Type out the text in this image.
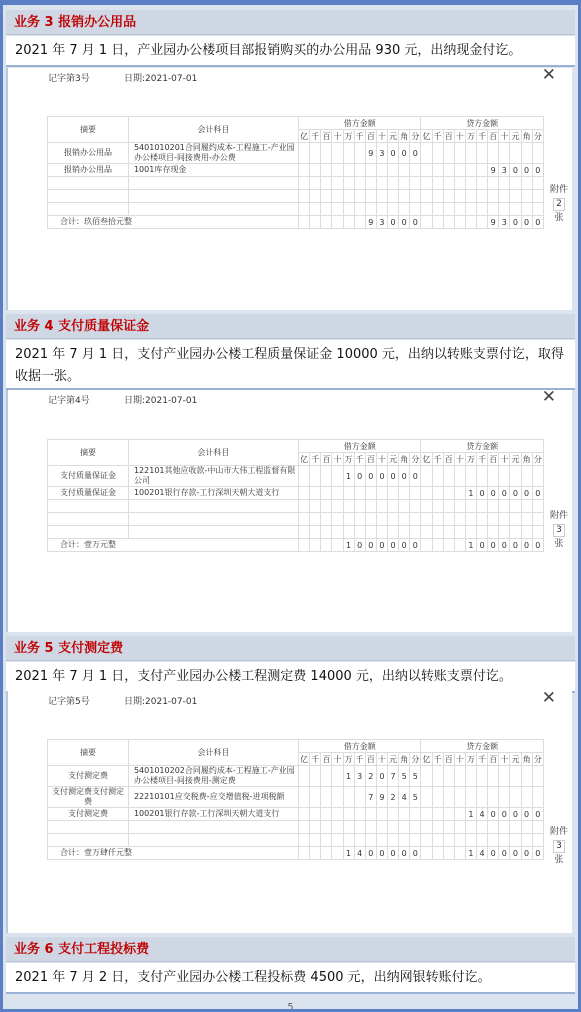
业务 3 报销办公用品
2021 年 7 月 1 日，产业园办公楼项目部报销购买的办公用品 930 元，出纳现金付讫。
记字第3号	日期:2021-07-01	✕
摘要	会计科目	借方金额											贷方金额										
		亿	千	百	十	万	千	百	十	元	角	分	亿	千	百	十	万	千	百	十	元	角	分
报销办公用品	5401010201合同履约成本-工程施工-产业园办公楼项目-间接费用-办公费							9	3	0	0	0											
报销办公用品	1001库存现金																		9	3	0	0	0

合计：玖佰叁拾元整								9	3	0	0	0							9	3	0	0	0
附件
2
张
业务 4 支付质量保证金
2021 年 7 月 1 日，支付产业园办公楼工程质量保证金 10000 元，出纳以转账支票付讫，取得收据一张。
记字第4号	日期:2021-07-01	✕
摘要	会计科目	借方金额											贷方金额										
		亿	千	百	十	万	千	百	十	元	角	分	亿	千	百	十	万	千	百	十	元	角	分
支付质量保证金	122101其他应收款-中山市大伟工程监督有限公司					1	0	0	0	0	0	0											
支付质量保证金	100201银行存款-工行深圳天朝大道支行																1	0	0	0	0	0	0

合计：壹万元整						1	0	0	0	0	0	0					1	0	0	0	0	0	0
附件
3
张
业务 5 支付测定费
2021 年 7 月 1 日，支付产业园办公楼工程测定费 14000 元，出纳以转账支票付讫。
记字第5号	日期:2021-07-01	✕
摘要	会计科目	借方金额											贷方金额										
		亿	千	百	十	万	千	百	十	元	角	分	亿	千	百	十	万	千	百	十	元	角	分
支付测定费	5401010202合同履约成本-工程施工-产业园办公楼项目-间接费用-测定费					1	3	2	0	7	5	5											
支付测定费支付测定费	22210101应交税费-应交增值税-进项税额							7	9	2	4	5											
支付测定费	100201银行存款-工行深圳天朝大道支行																1	4	0	0	0	0	0

合计：壹万肆仟元整						1	4	0	0	0	0	0					1	4	0	0	0	0	0
附件
3
张
业务 6 支付工程投标费
2021 年 7 月 2 日，支付产业园办公楼工程投标费 4500 元，出纳网银转账付讫。
5
